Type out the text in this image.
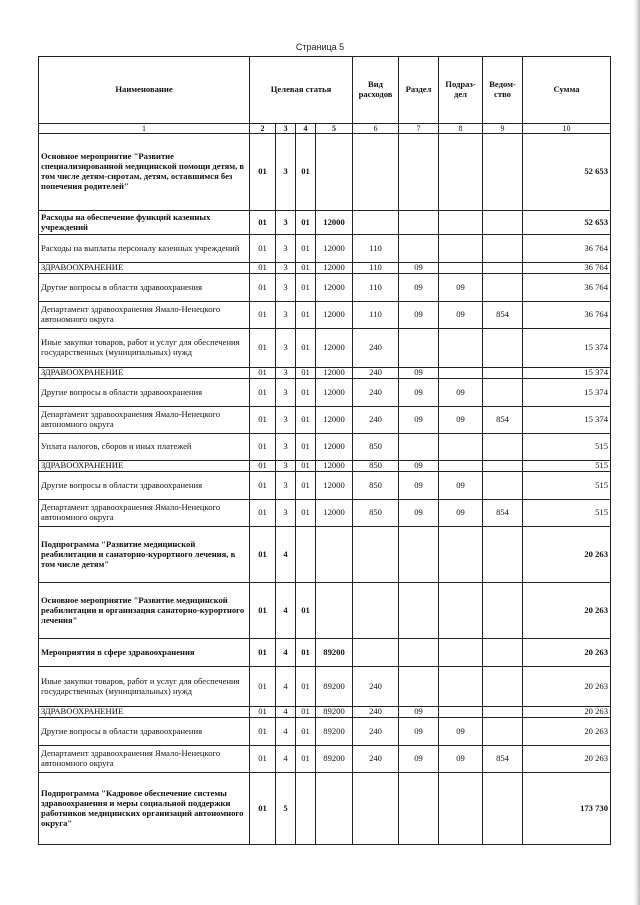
Страница 5
Наименование	Целевая статья				Вид расходов	Раздел	Подраз-дел	Ведом-ство	Сумма
1	2	3	4	5	6	7	8	9	10
Основное мероприятие "Развитие специализированной медицинской помощи детям, в том числе детям-сиротам, детям, оставшимся без попечения родителей"	01	3	01						52 653
Расходы на обеспечение функций казенных учреждений	01	3	01	12000					52 653
Расходы на выплаты персоналу казенных учреждений	01	3	01	12000	110				36 764
ЗДРАВООХРАНЕНИЕ	01	3	01	12000	110	09			36 764
Другие вопросы в области здравоохранения	01	3	01	12000	110	09	09		36 764
Департамент здравоохранения Ямало-Ненецкого автономного округа	01	3	01	12000	110	09	09	854	36 764
Иные закупки товаров, работ и услуг для обеспечения государственных (муниципальных) нужд	01	3	01	12000	240				15 374
ЗДРАВООХРАНЕНИЕ	01	3	01	12000	240	09			15 374
Другие вопросы в области здравоохранения	01	3	01	12000	240	09	09		15 374
Департамент здравоохранения Ямало-Ненецкого автономного округа	01	3	01	12000	240	09	09	854	15 374
Уплата налогов, сборов и иных платежей	01	3	01	12000	850				515
ЗДРАВООХРАНЕНИЕ	01	3	01	12000	850	09			515
Другие вопросы в области здравоохранения	01	3	01	12000	850	09	09		515
Департамент здравоохранения Ямало-Ненецкого автономного округа	01	3	01	12000	850	09	09	854	515
Подпрограмма "Развитие медицинской реабилитации и санаторно-курортного лечения, в том числе детям"	01	4							20 263
Основное мероприятие "Развитие медицинской реабилитации и организация санаторно-курортного лечения"	01	4	01						20 263
Мероприятия в сфере здравоохранения	01	4	01	89200					20 263
Иные закупки товаров, работ и услуг для обеспечения государственных (муниципальных) нужд	01	4	01	89200	240				20 263
ЗДРАВООХРАНЕНИЕ	01	4	01	89200	240	09			20 263
Другие вопросы в области здравоохранения	01	4	01	89200	240	09	09		20 263
Департамент здравоохранения Ямало-Ненецкого автономного округа	01	4	01	89200	240	09	09	854	20 263
Подпрограмма "Кадровое обеспечение системы здравоохранения и меры социальной поддержки работников медицинских организаций автономного округа"	01	5							173 730
